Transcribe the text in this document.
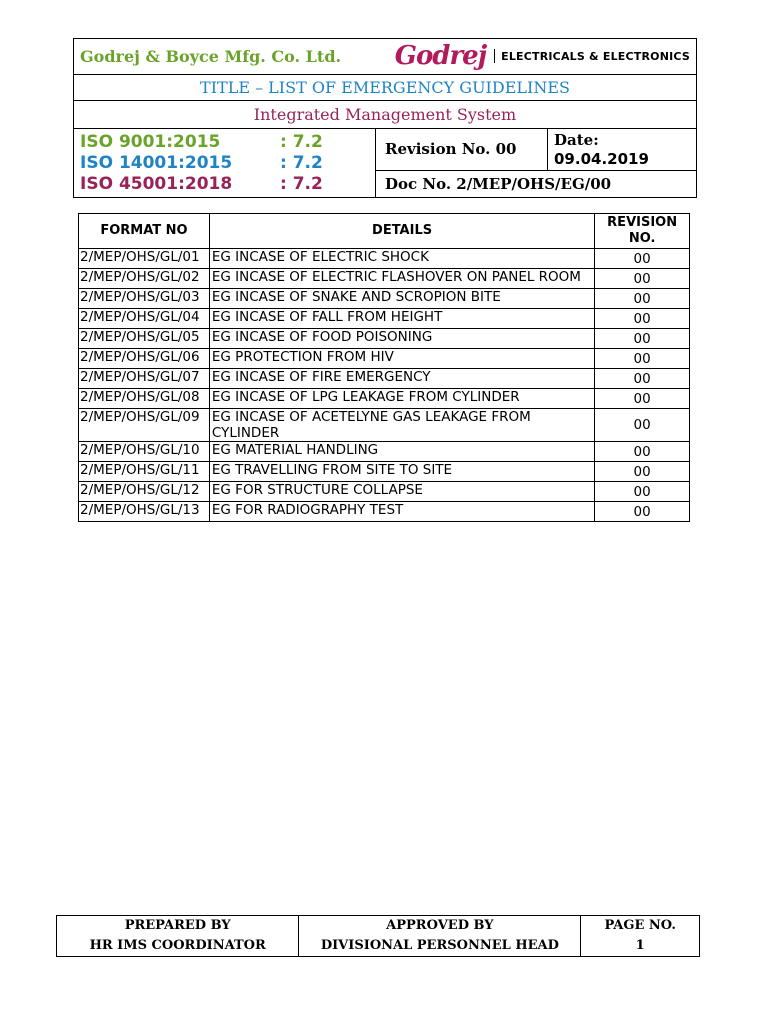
Godrej & Boyce Mfg. Co. Ltd. Godrej ELECTRICALS & ELECTRONICS
TITLE – LIST OF EMERGENCY GUIDELINES
Integrated Management System
ISO 9001:2015	: 7.2
ISO 14001:2015	: 7.2
ISO 45001:2018	: 7.2
Revision No. 00	Date:
09.04.2019
Doc No. 2/MEP/OHS/EG/00
FORMAT NO	DETAILS	REVISION NO.
2/MEP/OHS/GL/01	EG INCASE OF ELECTRIC SHOCK	00
2/MEP/OHS/GL/02	EG INCASE OF ELECTRIC FLASHOVER ON PANEL ROOM	00
2/MEP/OHS/GL/03	EG INCASE OF SNAKE AND SCROPION BITE	00
2/MEP/OHS/GL/04	EG INCASE OF FALL FROM HEIGHT	00
2/MEP/OHS/GL/05	EG INCASE OF FOOD POISONING	00
2/MEP/OHS/GL/06	EG PROTECTION FROM HIV	00
2/MEP/OHS/GL/07	EG INCASE OF FIRE EMERGENCY	00
2/MEP/OHS/GL/08	EG INCASE OF LPG LEAKAGE FROM CYLINDER	00
2/MEP/OHS/GL/09	EG INCASE OF ACETELYNE GAS LEAKAGE FROM CYLINDER	00
2/MEP/OHS/GL/10	EG MATERIAL HANDLING	00
2/MEP/OHS/GL/11	EG TRAVELLING FROM SITE TO SITE	00
2/MEP/OHS/GL/12	EG FOR STRUCTURE COLLAPSE	00
2/MEP/OHS/GL/13	EG FOR RADIOGRAPHY TEST	00
PREPARED BY	APPROVED BY	PAGE NO.
HR IMS COORDINATOR	DIVISIONAL PERSONNEL HEAD	1
